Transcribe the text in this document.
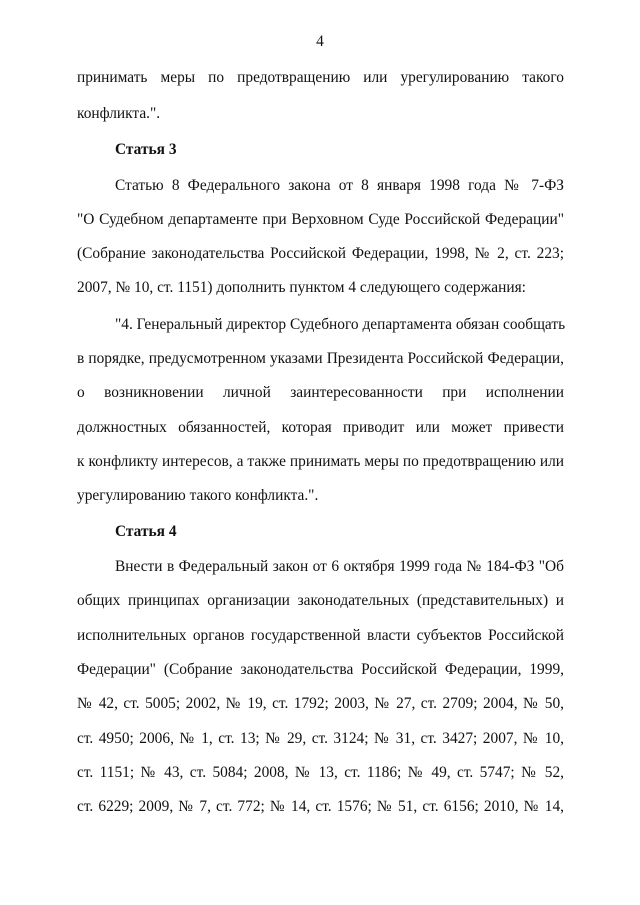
4
принимать меры по предотвращению или урегулированию такого
конфликта.".
Статья 3
Статью 8 Федерального закона от 8 января 1998 года № 7-ФЗ
"О Судебном департаменте при Верховном Суде Российской Федерации"
(Собрание законодательства Российской Федерации, 1998, № 2, ст. 223;
2007, № 10, ст. 1151) дополнить пунктом 4 следующего содержания:
"4. Генеральный директор Судебного департамента обязан сообщать
в порядке, предусмотренном указами Президента Российской Федерации,
о возникновении личной заинтересованности при исполнении
должностных обязанностей, которая приводит или может привести
к конфликту интересов, а также принимать меры по предотвращению или
урегулированию такого конфликта.".
Статья 4
Внести в Федеральный закон от 6 октября 1999 года № 184-ФЗ "Об
общих принципах организации законодательных (представительных) и
исполнительных органов государственной власти субъектов Российской
Федерации" (Собрание законодательства Российской Федерации, 1999,
№ 42, ст. 5005; 2002, № 19, ст. 1792; 2003, № 27, ст. 2709; 2004, № 50,
ст. 4950; 2006, № 1, ст. 13; № 29, ст. 3124; № 31, ст. 3427; 2007, № 10,
ст. 1151; № 43, ст. 5084; 2008, № 13, ст. 1186; № 49, ст. 5747; № 52,
ст. 6229; 2009, № 7, ст. 772; № 14, ст. 1576; № 51, ст. 6156; 2010, № 14,
